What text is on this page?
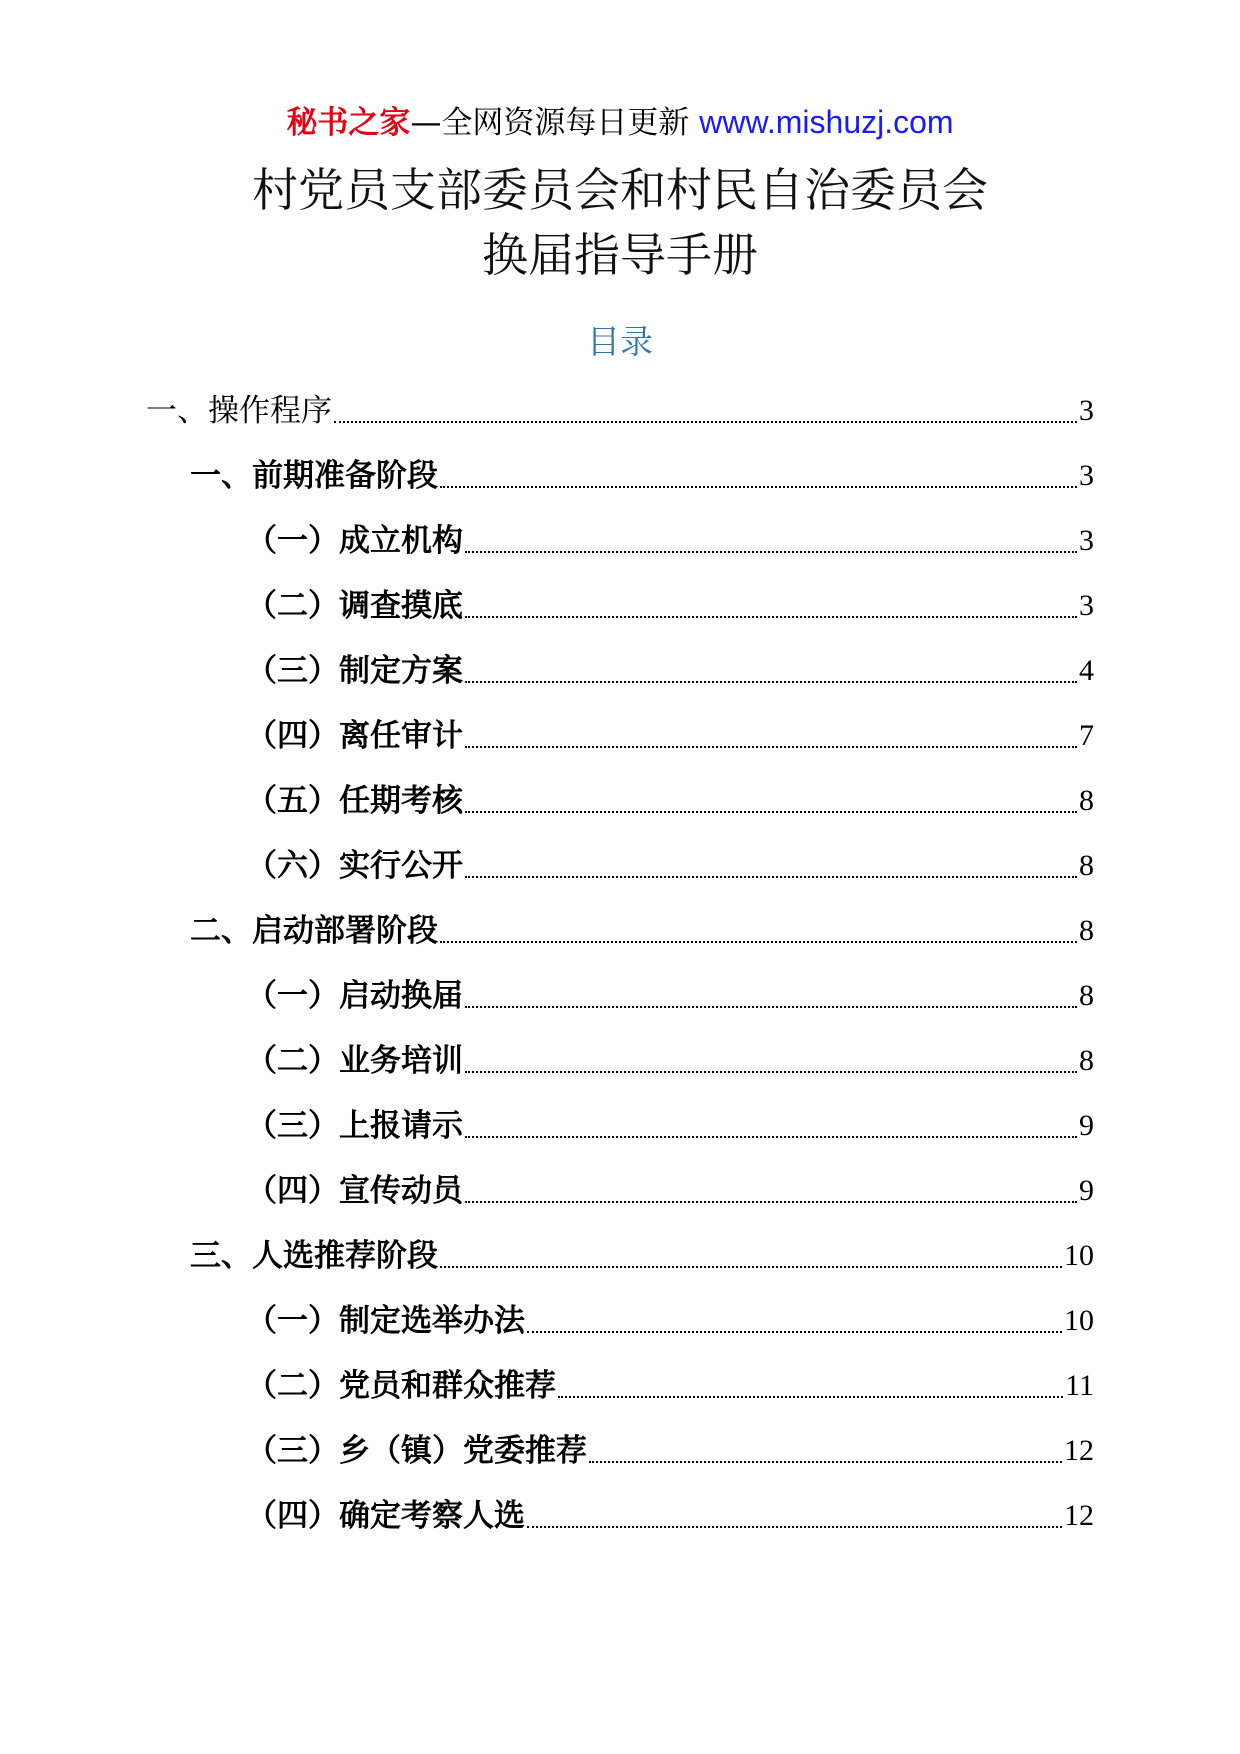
秘书之家—全网资源每日更新 www.mishuzj.com
村党员支部委员会和村民自治委员会
换届指导手册
目录
一、操作程序	3
一、前期准备阶段	3
（一）成立机构	3
（二）调查摸底	3
（三）制定方案	4
（四）离任审计	7
（五）任期考核	8
（六）实行公开	8
二、启动部署阶段	8
（一）启动换届	8
（二）业务培训	8
（三）上报请示	9
（四）宣传动员	9
三、人选推荐阶段	10
（一）制定选举办法	10
（二）党员和群众推荐	11
（三）乡（镇）党委推荐	12
（四）确定考察人选	12
